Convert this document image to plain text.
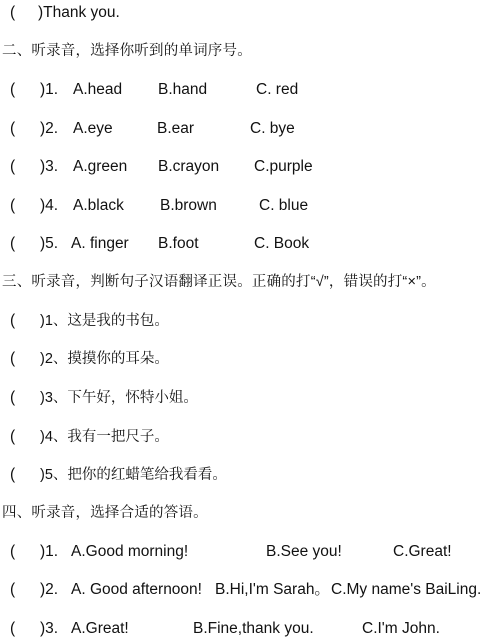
( )Thank you.
二、听录音，选择你听到的单词序号。
( )1. A.head B.hand	C. red
( )2. A.eye	B.ear	C. bye
( )3. A.green B.crayon C.purple
( )4. A.black B.brown	C. blue
( )5. A. finger B.foot	C. Book
三、听录音，判断句子汉语翻译正误。正确的打“√”，错误的打“×”。
( )1、这是我的书包。
( )2、摸摸你的耳朵。
( )3、下午好，怀特小姐。
( )4、我有一把尺子。
( )5、把你的红蜡笔给我看看。
四、听录音，选择合适的答语。
( )1. A.Good morning!	B.See you!	C.Great!
( )2. A. Good afternoon! B.Hi,I'm Sarah。 C.My name's BaiLing.
( )3. A.Great!	B.Fine,thank you.	C.I'm John.
